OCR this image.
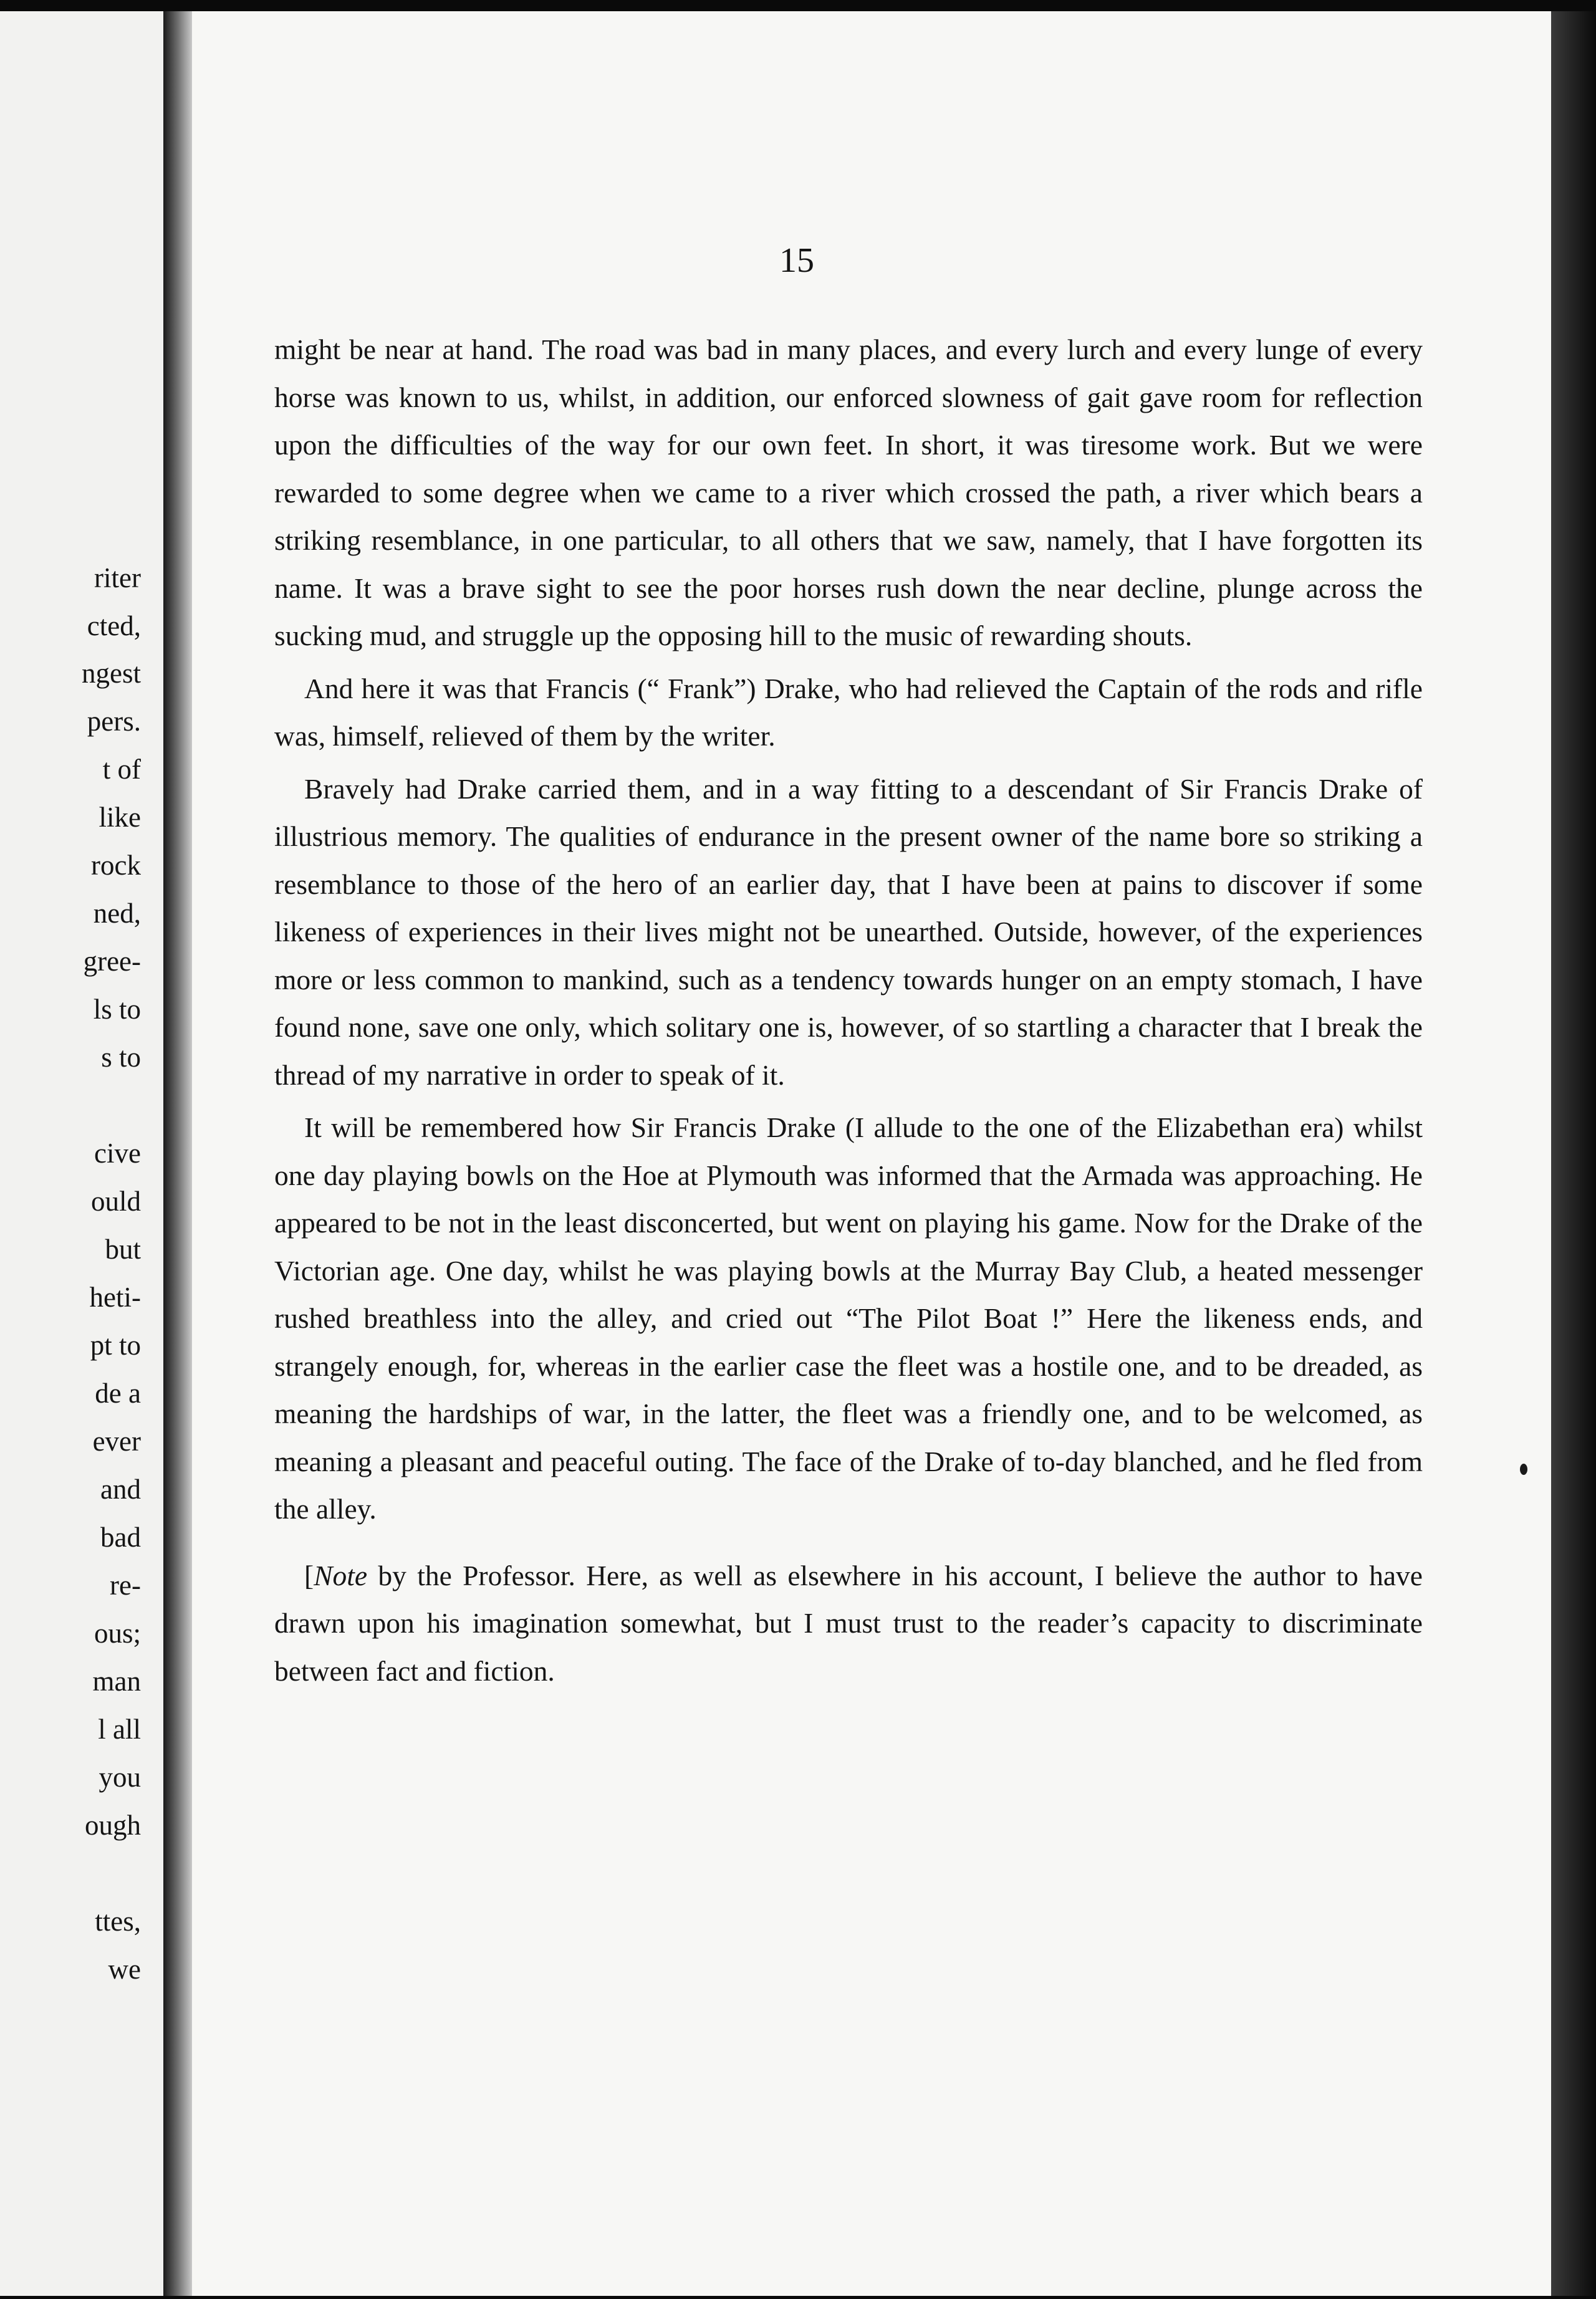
riter

cted,

ngest

pers.

t of

like

rock

ned,

gree-

ls to

s to

cive

ould

but

heti-

pt to

de a

ever

and

bad

re-

ous;

man

l all

you

ough

ttes,

we

15

might be near at hand. The road was bad in many places, and every lurch and every lunge of every horse was known to us, whilst, in addition, our enforced slowness of gait gave room for reflection upon the difficulties of the way for our own feet. In short, it was tiresome work. But we were rewarded to some degree when we came to a river which crossed the path, a river which bears a striking resemblance, in one particular, to all others that we saw, namely, that I have forgotten its name. It was a brave sight to see the poor horses rush down the near decline, plunge across the sucking mud, and struggle up the opposing hill to the music of rewarding shouts.

And here it was that Francis (“ Frank”) Drake, who had relieved the Captain of the rods and rifle was, himself, relieved of them by the writer.

Bravely had Drake carried them, and in a way fitting to a descendant of Sir Francis Drake of illustrious memory. The qualities of endurance in the present owner of the name bore so striking a resemblance to those of the hero of an earlier day, that I have been at pains to discover if some likeness of experiences in their lives might not be unearthed. Outside, however, of the experiences more or less common to mankind, such as a tendency towards hunger on an empty stomach, I have found none, save one only, which solitary one is, however, of so startling a character that I break the thread of my narrative in order to speak of it.

It will be remembered how Sir Francis Drake (I allude to the one of the Elizabethan era) whilst one day playing bowls on the Hoe at Plymouth was informed that the Armada was approaching. He appeared to be not in the least disconcerted, but went on playing his game. Now for the Drake of the Victorian age. One day, whilst he was playing bowls at the Murray Bay Club, a heated messenger rushed breathless into the alley, and cried out “The Pilot Boat !” Here the likeness ends, and strangely enough, for, whereas in the earlier case the fleet was a hostile one, and to be dreaded, as meaning the hardships of war, in the latter, the fleet was a friendly one, and to be welcomed, as meaning a pleasant and peaceful outing. The face of the Drake of to-day blanched, and he fled from the alley.

[Note by the Professor. Here, as well as elsewhere in his account, I believe the author to have drawn upon his imagination somewhat, but I must trust to the reader’s capacity to discriminate between fact and fiction.
